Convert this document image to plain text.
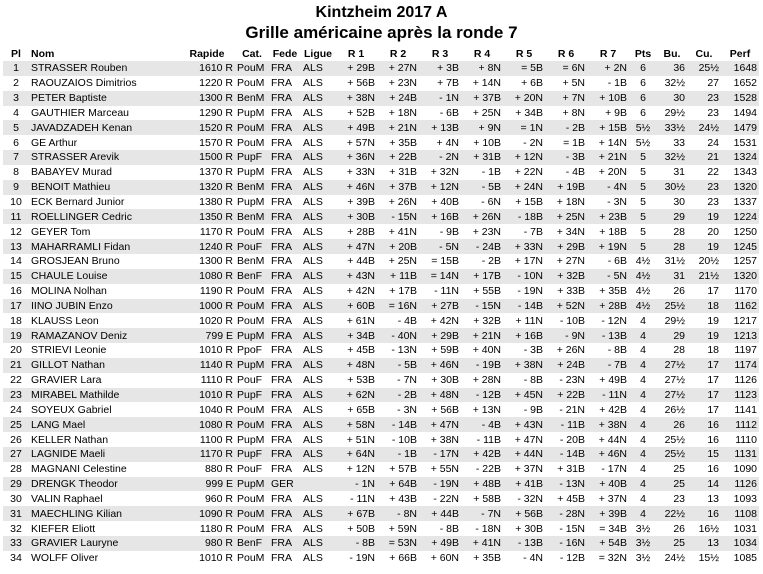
Kintzheim 2017 A
Grille américaine après la ronde 7
Pl	Nom	Rapide	Cat.	Fede	Ligue	R 1	R 2	R 3	R 4	R 5	R 6	R 7	Pts	Bu.	Cu.	Perf
1	STRASSER Rouben	1610 R	PouM	FRA	ALS	+ 29B	+ 27N	+ 3B	+ 8N	= 5B	= 6N	+ 2N	6	36	25½	1648
2	RAOUZAIOS Dimitrios	1220 R	PouM	FRA	ALS	+ 56B	+ 23N	+ 7B	+ 14N	+ 6B	+ 5N	- 1B	6	32½	27	1652
3	PETER Baptiste	1300 R	BenM	FRA	ALS	+ 38N	+ 24B	- 1N	+ 37B	+ 20N	+ 7N	+ 10B	6	30	23	1528
4	GAUTHIER Marceau	1290 R	PupM	FRA	ALS	+ 52B	+ 18N	- 6B	+ 25N	+ 34B	+ 8N	+ 9B	6	29½	23	1494
5	JAVADZADEH Kenan	1520 R	PouM	FRA	ALS	+ 49B	+ 21N	+ 13B	+ 9N	= 1N	- 2B	+ 15B	5½	33½	24½	1479
6	GE Arthur	1570 R	PouM	FRA	ALS	+ 57N	+ 35B	+ 4N	+ 10B	- 2N	= 1B	+ 14N	5½	33	24	1531
7	STRASSER Arevik	1500 R	PupF	FRA	ALS	+ 36N	+ 22B	- 2N	+ 31B	+ 12N	- 3B	+ 21N	5	32½	21	1324
8	BABAYEV Murad	1370 R	PupM	FRA	ALS	+ 33N	+ 31B	+ 32N	- 1B	+ 22N	- 4B	+ 20N	5	31	22	1343
9	BENOIT Mathieu	1320 R	BenM	FRA	ALS	+ 46N	+ 37B	+ 12N	- 5B	+ 24N	+ 19B	- 4N	5	30½	23	1320
10	ECK Bernard Junior	1380 R	PupM	FRA	ALS	+ 39B	+ 26N	+ 40B	- 6N	+ 15B	+ 18N	- 3N	5	30	23	1337
11	ROELLINGER Cedric	1350 R	BenM	FRA	ALS	+ 30B	- 15N	+ 16B	+ 26N	- 18B	+ 25N	+ 23B	5	29	19	1224
12	GEYER Tom	1170 R	PouM	FRA	ALS	+ 28B	+ 41N	- 9B	+ 23N	- 7B	+ 34N	+ 18B	5	28	20	1250
13	MAHARRAMLI Fidan	1240 R	PouF	FRA	ALS	+ 47N	+ 20B	- 5N	- 24B	+ 33N	+ 29B	+ 19N	5	28	19	1245
14	GROSJEAN Bruno	1300 R	BenM	FRA	ALS	+ 44B	+ 25N	= 15B	- 2B	+ 17N	+ 27N	- 6B	4½	31½	20½	1257
15	CHAULE Louise	1080 R	BenF	FRA	ALS	+ 43N	+ 11B	= 14N	+ 17B	- 10N	+ 32B	- 5N	4½	31	21½	1320
16	MOLINA Nolhan	1190 R	PouM	FRA	ALS	+ 42N	+ 17B	- 11N	+ 55B	- 19N	+ 33B	+ 35B	4½	26	17	1170
17	IINO JUBIN Enzo	1000 R	PouM	FRA	ALS	+ 60B	= 16N	+ 27B	- 15N	- 14B	+ 52N	+ 28B	4½	25½	18	1162
18	KLAUSS Leon	1020 R	PouM	FRA	ALS	+ 61N	- 4B	+ 42N	+ 32B	+ 11N	- 10B	- 12N	4	29½	19	1217
19	RAMAZANOV Deniz	799 E	PupM	FRA	ALS	+ 34B	- 40N	+ 29B	+ 21N	+ 16B	- 9N	- 13B	4	29	19	1213
20	STRIEVI Leonie	1010 R	PpoF	FRA	ALS	+ 45B	- 13N	+ 59B	+ 40N	- 3B	+ 26N	- 8B	4	28	18	1197
21	GILLOT Nathan	1140 R	PupM	FRA	ALS	+ 48N	- 5B	+ 46N	- 19B	+ 38N	+ 24B	- 7B	4	27½	17	1174
22	GRAVIER Lara	1110 R	PouF	FRA	ALS	+ 53B	- 7N	+ 30B	+ 28N	- 8B	- 23N	+ 49B	4	27½	17	1126
23	MIRABEL Mathilde	1010 R	PupF	FRA	ALS	+ 62N	- 2B	+ 48N	- 12B	+ 45N	+ 22B	- 11N	4	27½	17	1123
24	SOYEUX Gabriel	1040 R	PouM	FRA	ALS	+ 65B	- 3N	+ 56B	+ 13N	- 9B	- 21N	+ 42B	4	26½	17	1141
25	LANG Mael	1080 R	PouM	FRA	ALS	+ 58N	- 14B	+ 47N	- 4B	+ 43N	- 11B	+ 38N	4	26	16	1112
26	KELLER Nathan	1100 R	PupM	FRA	ALS	+ 51N	- 10B	+ 38N	- 11B	+ 47N	- 20B	+ 44N	4	25½	16	1110
27	LAGNIDE Maeli	1170 R	PupF	FRA	ALS	+ 64N	- 1B	- 17N	+ 42B	+ 44N	- 14B	+ 46N	4	25½	15	1131
28	MAGNANI Celestine	880 R	PouF	FRA	ALS	+ 12N	+ 57B	+ 55N	- 22B	+ 37N	+ 31B	- 17N	4	25	16	1090
29	DRENGK Theodor	999 E	PupM	GER		- 1N	+ 64B	- 19N	+ 48B	+ 41B	- 13N	+ 40B	4	25	14	1126
30	VALIN Raphael	960 R	PouM	FRA	ALS	- 11N	+ 43B	- 22N	+ 58B	- 32N	+ 45B	+ 37N	4	23	13	1093
31	MAECHLING Kilian	1090 R	PouM	FRA	ALS	+ 67B	- 8N	+ 44B	- 7N	+ 56B	- 28N	+ 39B	4	22½	16	1108
32	KIEFER Eliott	1180 R	PouM	FRA	ALS	+ 50B	+ 59N	- 8B	- 18N	+ 30B	- 15N	= 34B	3½	26	16½	1031
33	GRAVIER Lauryne	980 R	BenF	FRA	ALS	- 8B	= 53N	+ 49B	+ 41N	- 13B	- 16N	+ 54B	3½	25	13	1034
34	WOLFF Oliver	1010 R	PouM	FRA	ALS	- 19N	+ 66B	+ 60N	+ 35B	- 4N	- 12B	= 32N	3½	24½	15½	1085
